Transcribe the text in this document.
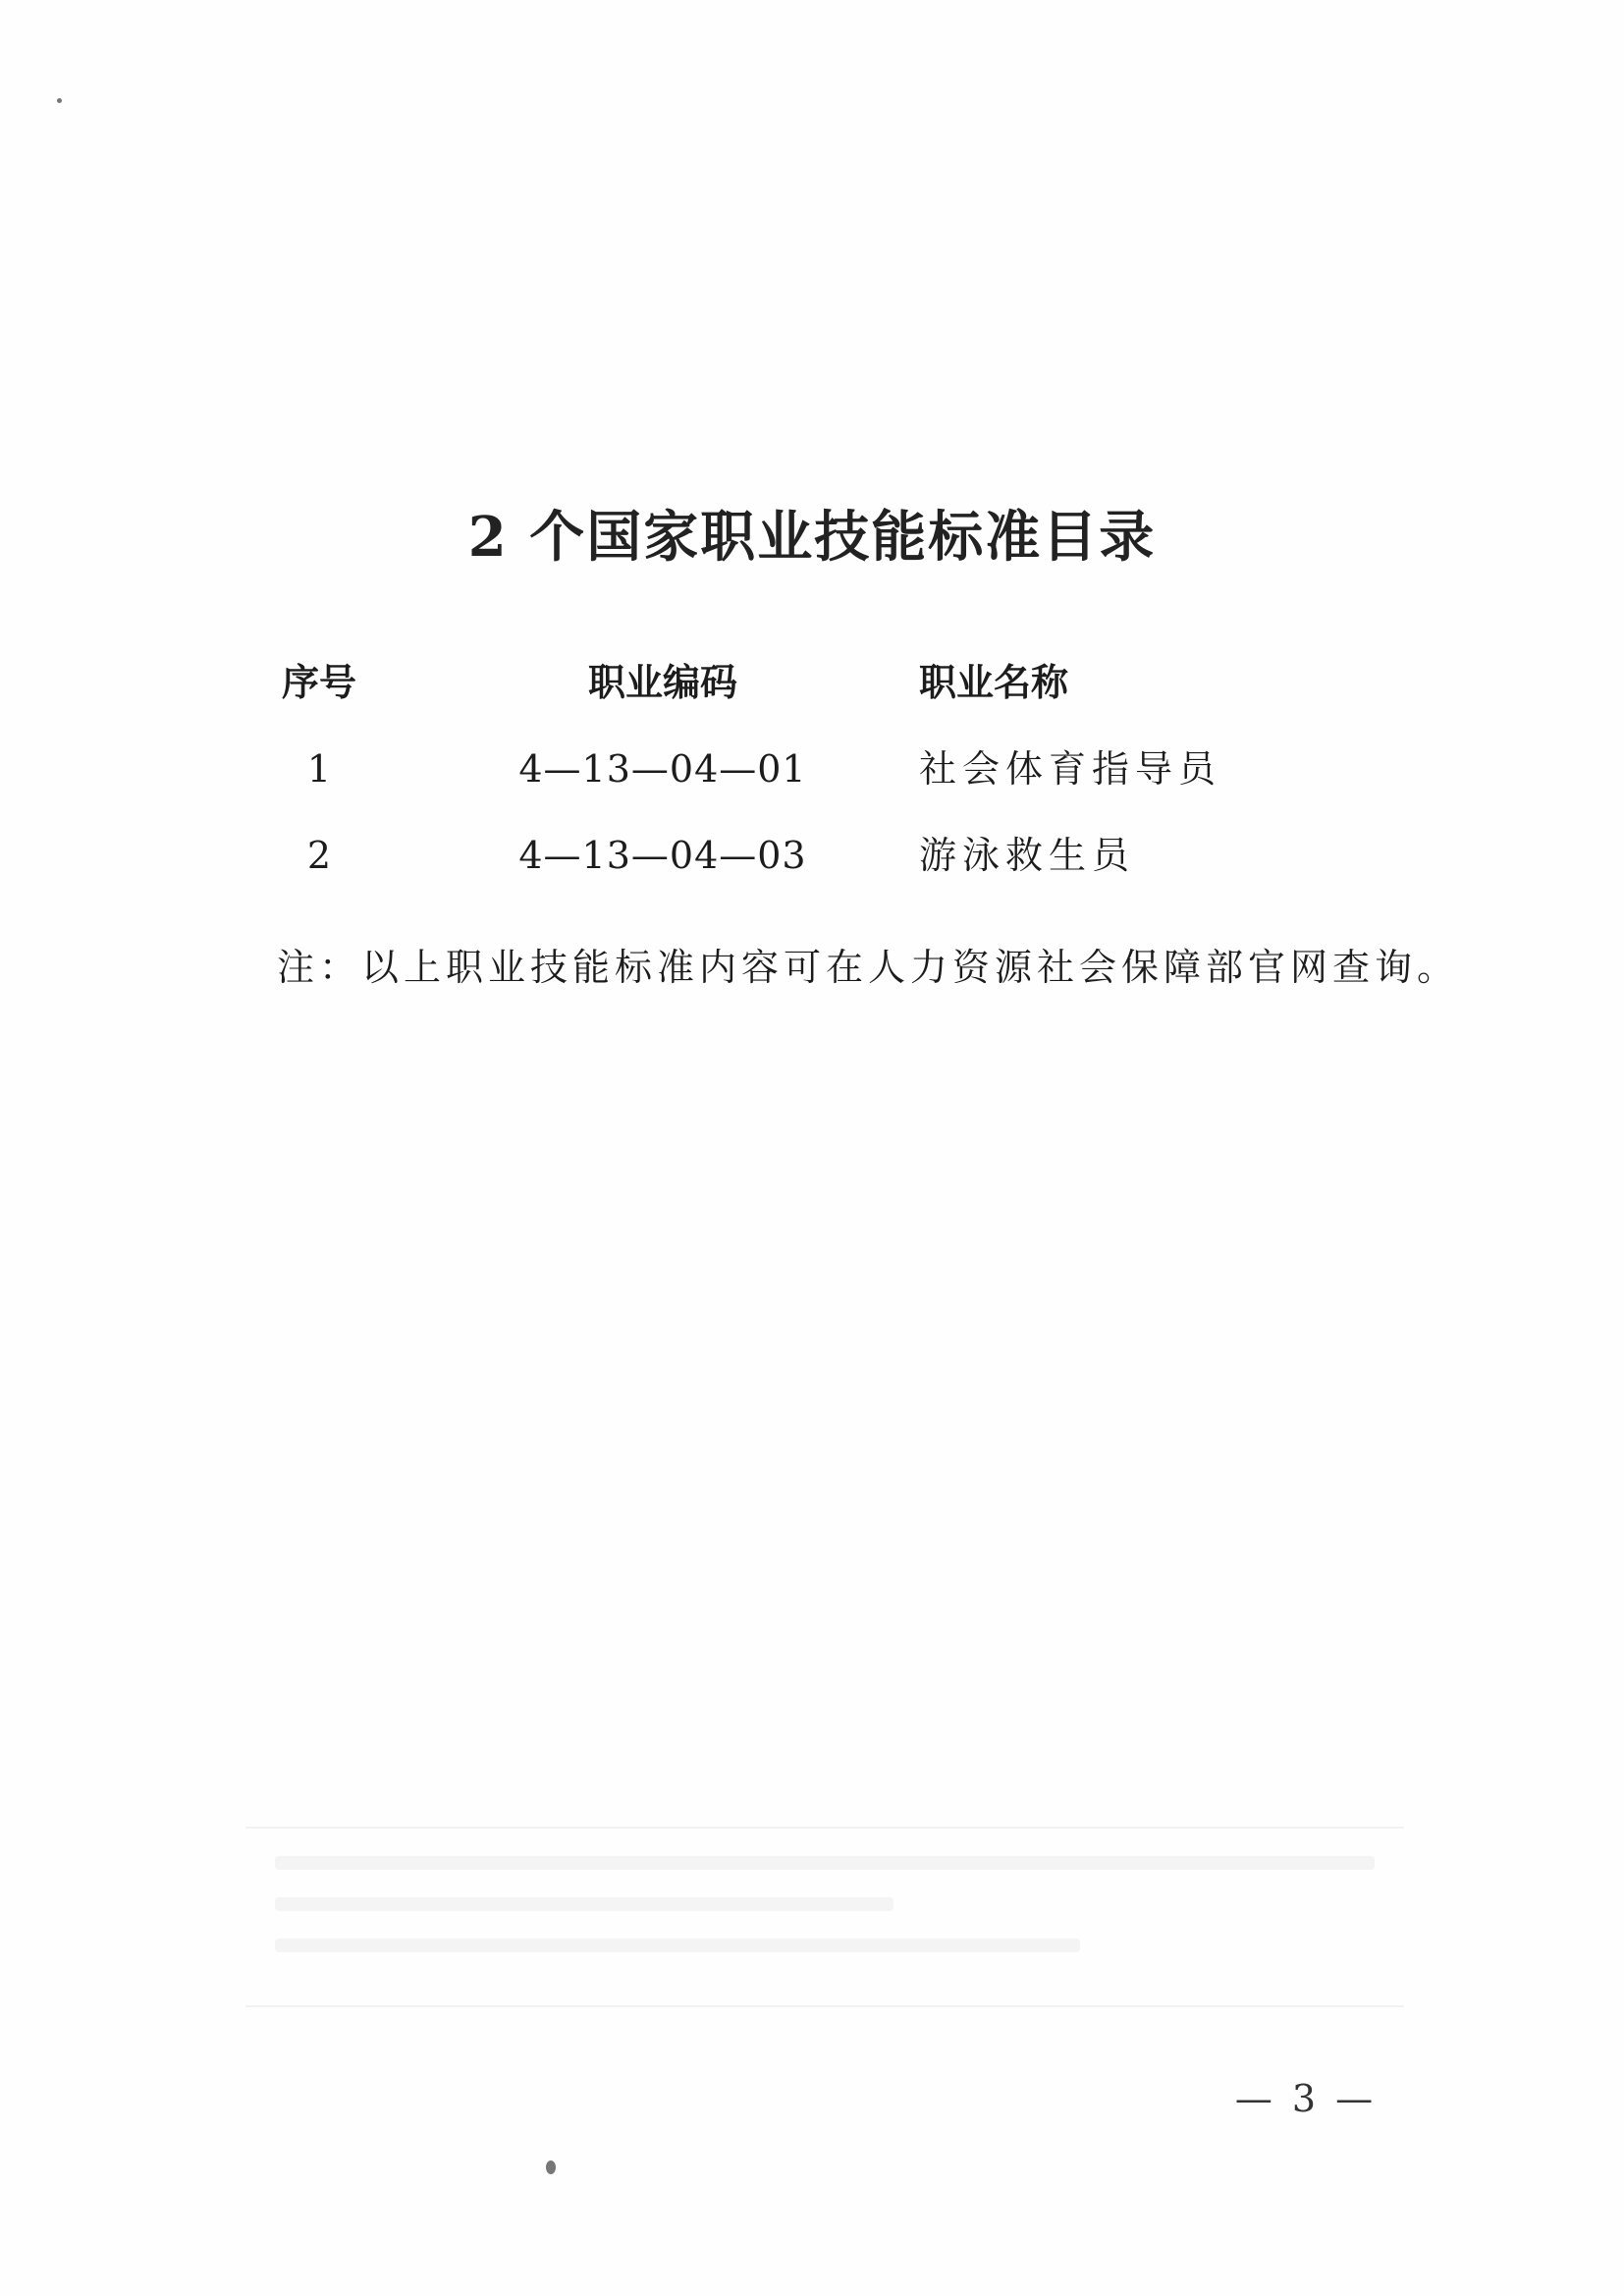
2 个国家职业技能标准目录
序号	职业编码	职业名称
1	4—13—04—01	社会体育指导员
2	4—13—04—03	游泳救生员

注：以上职业技能标准内容可在人力资源社会保障部官网查询。

— 3 —
